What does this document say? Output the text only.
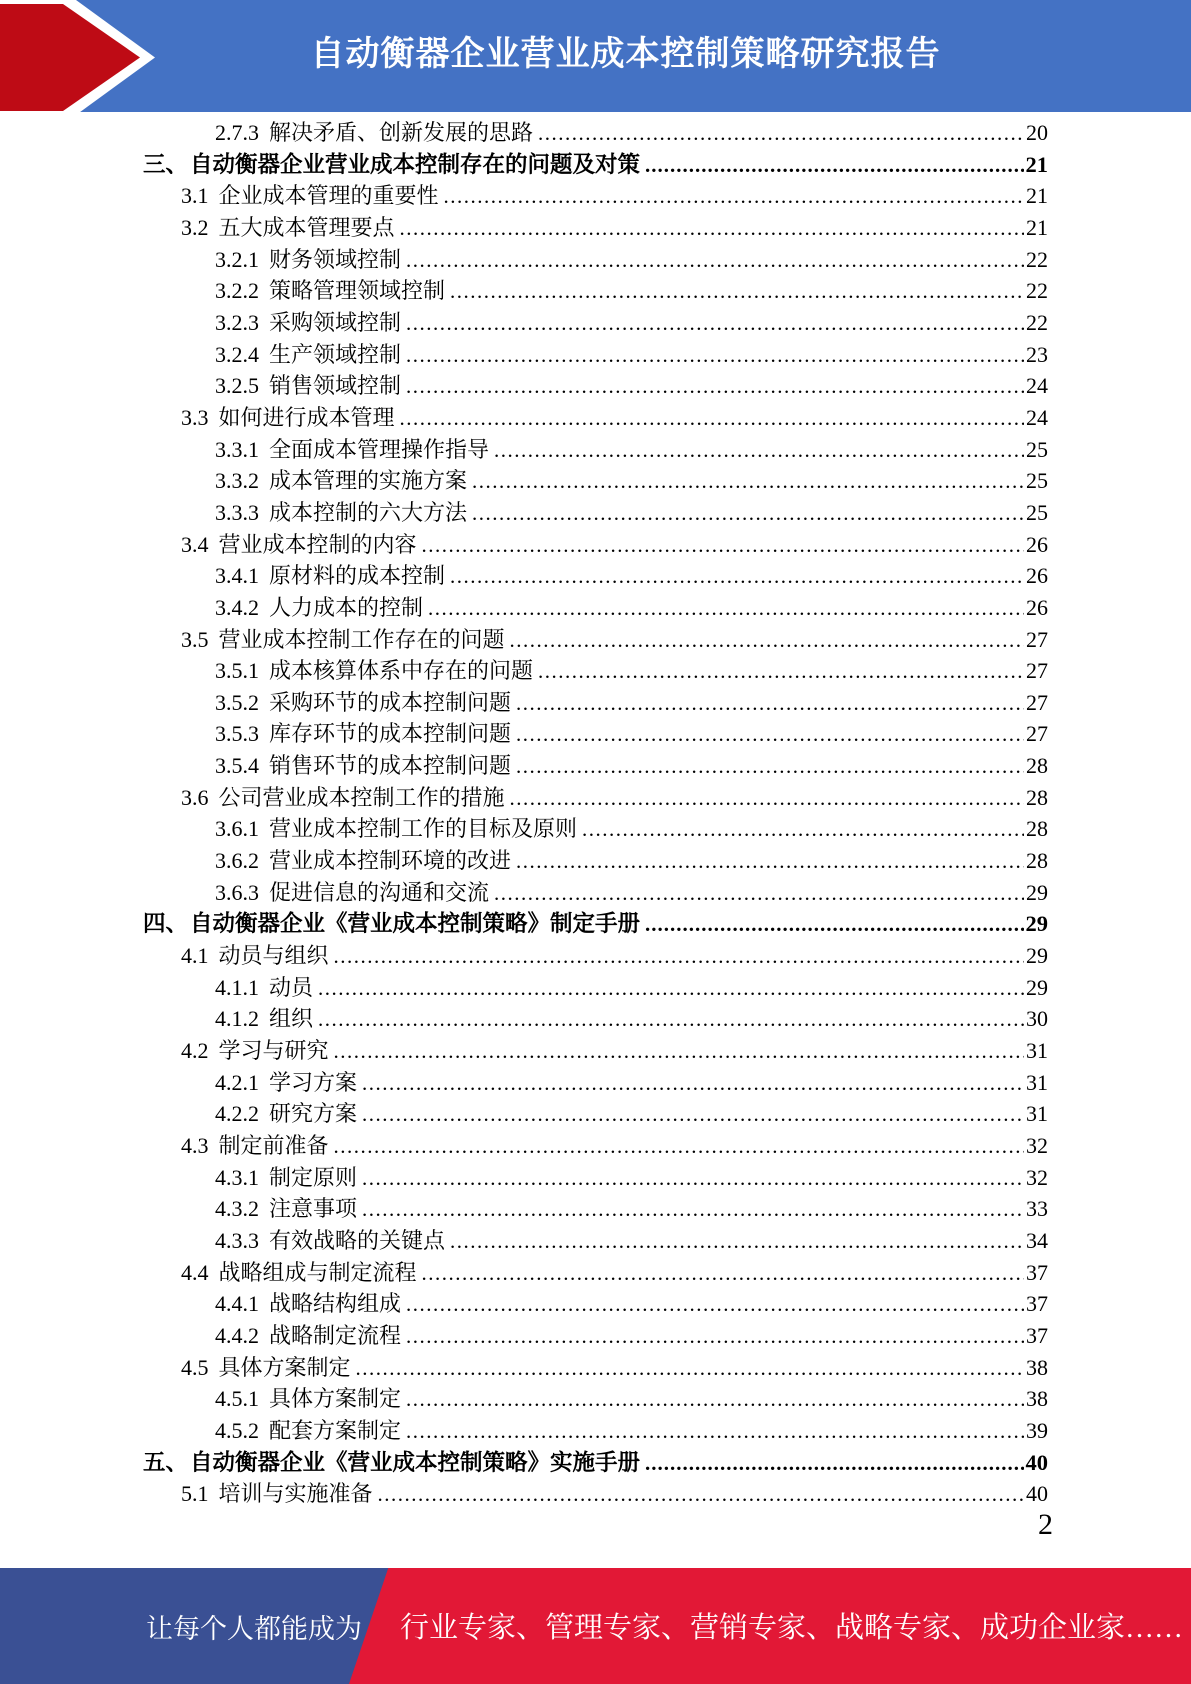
自动衡器企业营业成本控制策略研究报告
2.7.3 解决矛盾、创新发展的思路 .....	20
三、 自动衡器企业营业成本控制存在的问题及对策 .....	21
3.1 企业成本管理的重要性 .....	21
3.2 五大成本管理要点 .....	21
3.2.1 财务领域控制 .....	22
3.2.2 策略管理领域控制 .....	22
3.2.3 采购领域控制 .....	22
3.2.4 生产领域控制 .....	23
3.2.5 销售领域控制 .....	24
3.3 如何进行成本管理 .....	24
3.3.1 全面成本管理操作指导 .....	25
3.3.2 成本管理的实施方案 .....	25
3.3.3 成本控制的六大方法 .....	25
3.4 营业成本控制的内容 .....	26
3.4.1 原材料的成本控制 .....	26
3.4.2 人力成本的控制 .....	26
3.5 营业成本控制工作存在的问题 .....	27
3.5.1 成本核算体系中存在的问题 .....	27
3.5.2 采购环节的成本控制问题 .....	27
3.5.3 库存环节的成本控制问题 .....	27
3.5.4 销售环节的成本控制问题 .....	28
3.6 公司营业成本控制工作的措施 .....	28
3.6.1 营业成本控制工作的目标及原则 .....	28
3.6.2 营业成本控制环境的改进 .....	28
3.6.3 促进信息的沟通和交流 .....	29
四、 自动衡器企业《营业成本控制策略》制定手册 .....	29
4.1 动员与组织 .....	29
4.1.1 动员 .....	29
4.1.2 组织 .....	30
4.2 学习与研究 .....	31
4.2.1 学习方案 .....	31
4.2.2 研究方案 .....	31
4.3 制定前准备 .....	32
4.3.1 制定原则 .....	32
4.3.2 注意事项 .....	33
4.3.3 有效战略的关键点 .....	34
4.4 战略组成与制定流程 .....	37
4.4.1 战略结构组成 .....	37
4.4.2 战略制定流程 .....	37
4.5 具体方案制定 .....	38
4.5.1 具体方案制定 .....	38
4.5.2 配套方案制定 .....	39
五、 自动衡器企业《营业成本控制策略》实施手册 .....	40
5.1 培训与实施准备 .....	40
2
让每个人都能成为 行业专家、管理专家、营销专家、战略专家、成功企业家……
